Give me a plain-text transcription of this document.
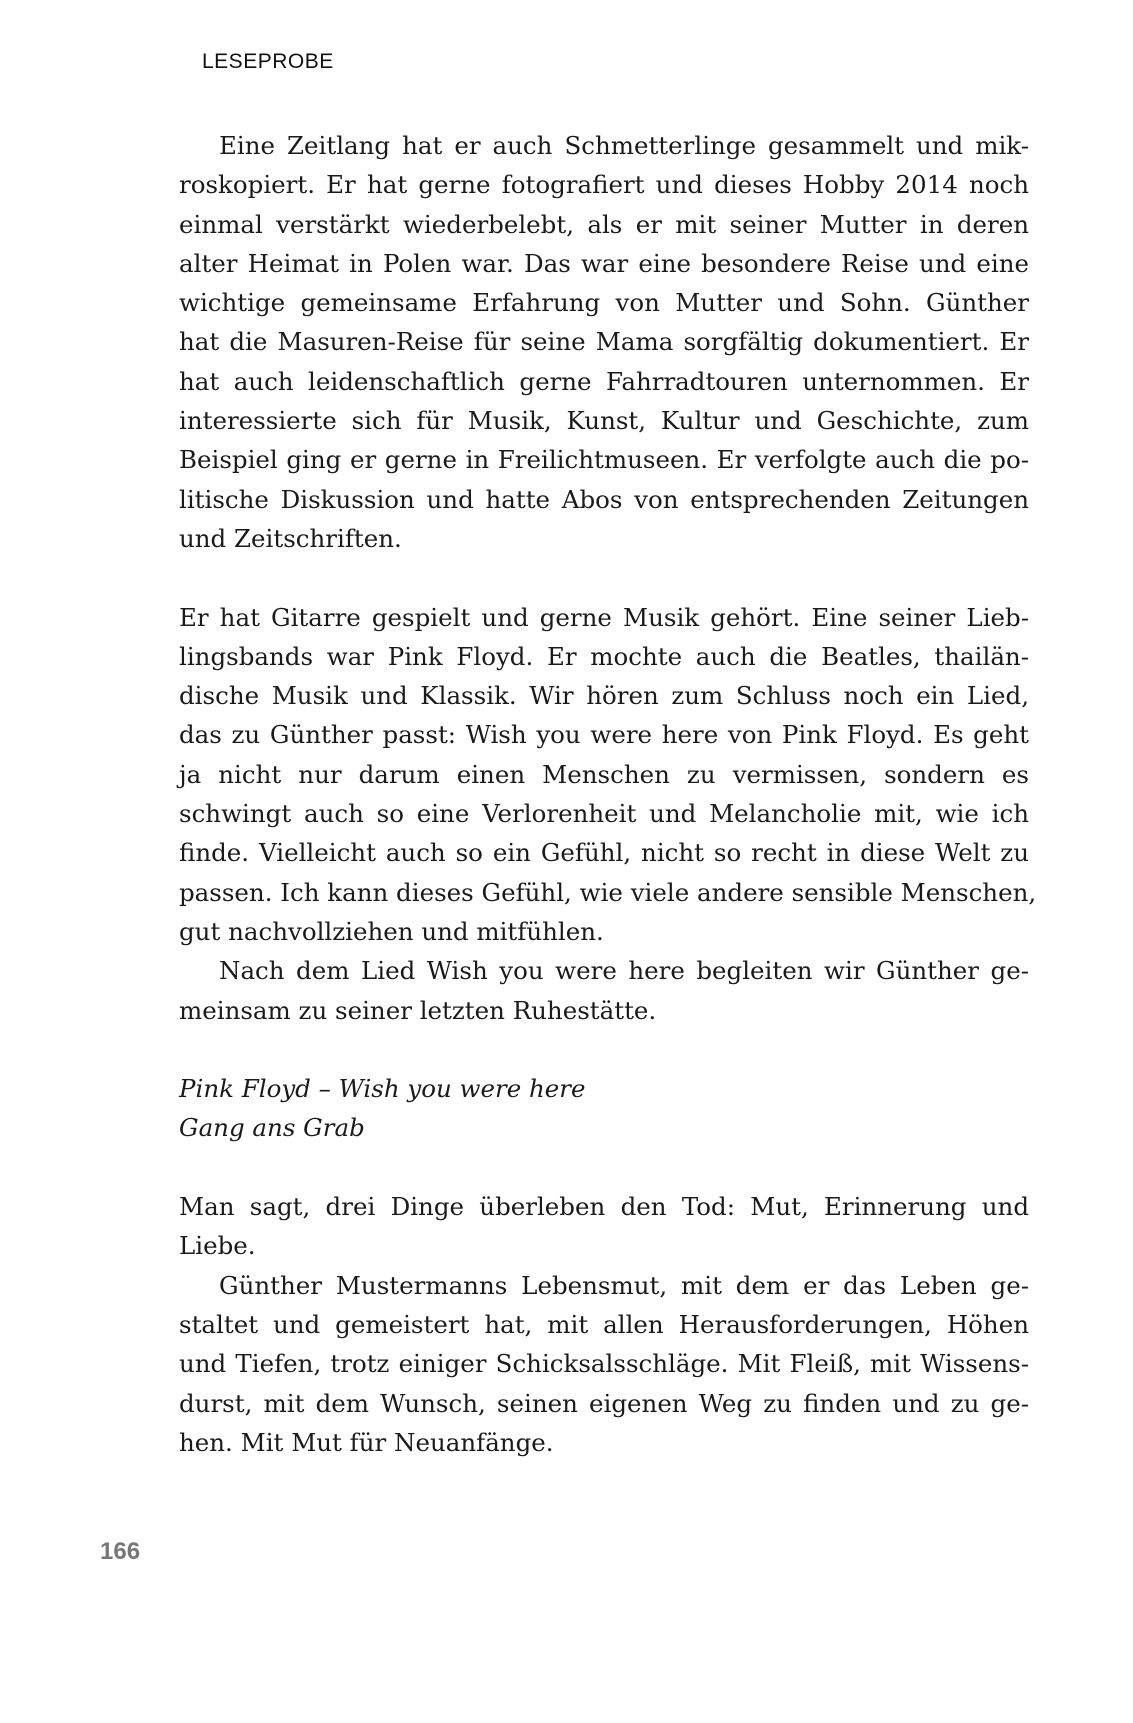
LESEPROBE
Eine Zeitlang hat er auch Schmetterlinge gesammelt und mik-
roskopiert. Er hat gerne fotografiert und dieses Hobby 2014 noch
einmal verstärkt wiederbelebt, als er mit seiner Mutter in deren
alter Heimat in Polen war. Das war eine besondere Reise und eine
wichtige gemeinsame Erfahrung von Mutter und Sohn. Günther
hat die Masuren-Reise für seine Mama sorgfältig dokumentiert. Er
hat auch leidenschaftlich gerne Fahrradtouren unternommen. Er
interessierte sich für Musik, Kunst, Kultur und Geschichte, zum
Beispiel ging er gerne in Freilichtmuseen. Er verfolgte auch die po-
litische Diskussion und hatte Abos von entsprechenden Zeitungen
und Zeitschriften.
Er hat Gitarre gespielt und gerne Musik gehört. Eine seiner Lieb-
lingsbands war Pink Floyd. Er mochte auch die Beatles, thailän-
dische Musik und Klassik. Wir hören zum Schluss noch ein Lied,
das zu Günther passt: Wish you were here von Pink Floyd. Es geht
ja nicht nur darum einen Menschen zu vermissen, sondern es
schwingt auch so eine Verlorenheit und Melancholie mit, wie ich
finde. Vielleicht auch so ein Gefühl, nicht so recht in diese Welt zu
passen. Ich kann dieses Gefühl, wie viele andere sensible Menschen,
gut nachvollziehen und mitfühlen.
Nach dem Lied Wish you were here begleiten wir Günther ge-
meinsam zu seiner letzten Ruhestätte.
Pink Floyd – Wish you were here
Gang ans Grab
Man sagt, drei Dinge überleben den Tod: Mut, Erinnerung und
Liebe.
Günther Mustermanns Lebensmut, mit dem er das Leben ge-
staltet und gemeistert hat, mit allen Herausforderungen, Höhen
und Tiefen, trotz einiger Schicksalsschläge. Mit Fleiß, mit Wissens-
durst, mit dem Wunsch, seinen eigenen Weg zu finden und zu ge-
hen. Mit Mut für Neuanfänge.
166
